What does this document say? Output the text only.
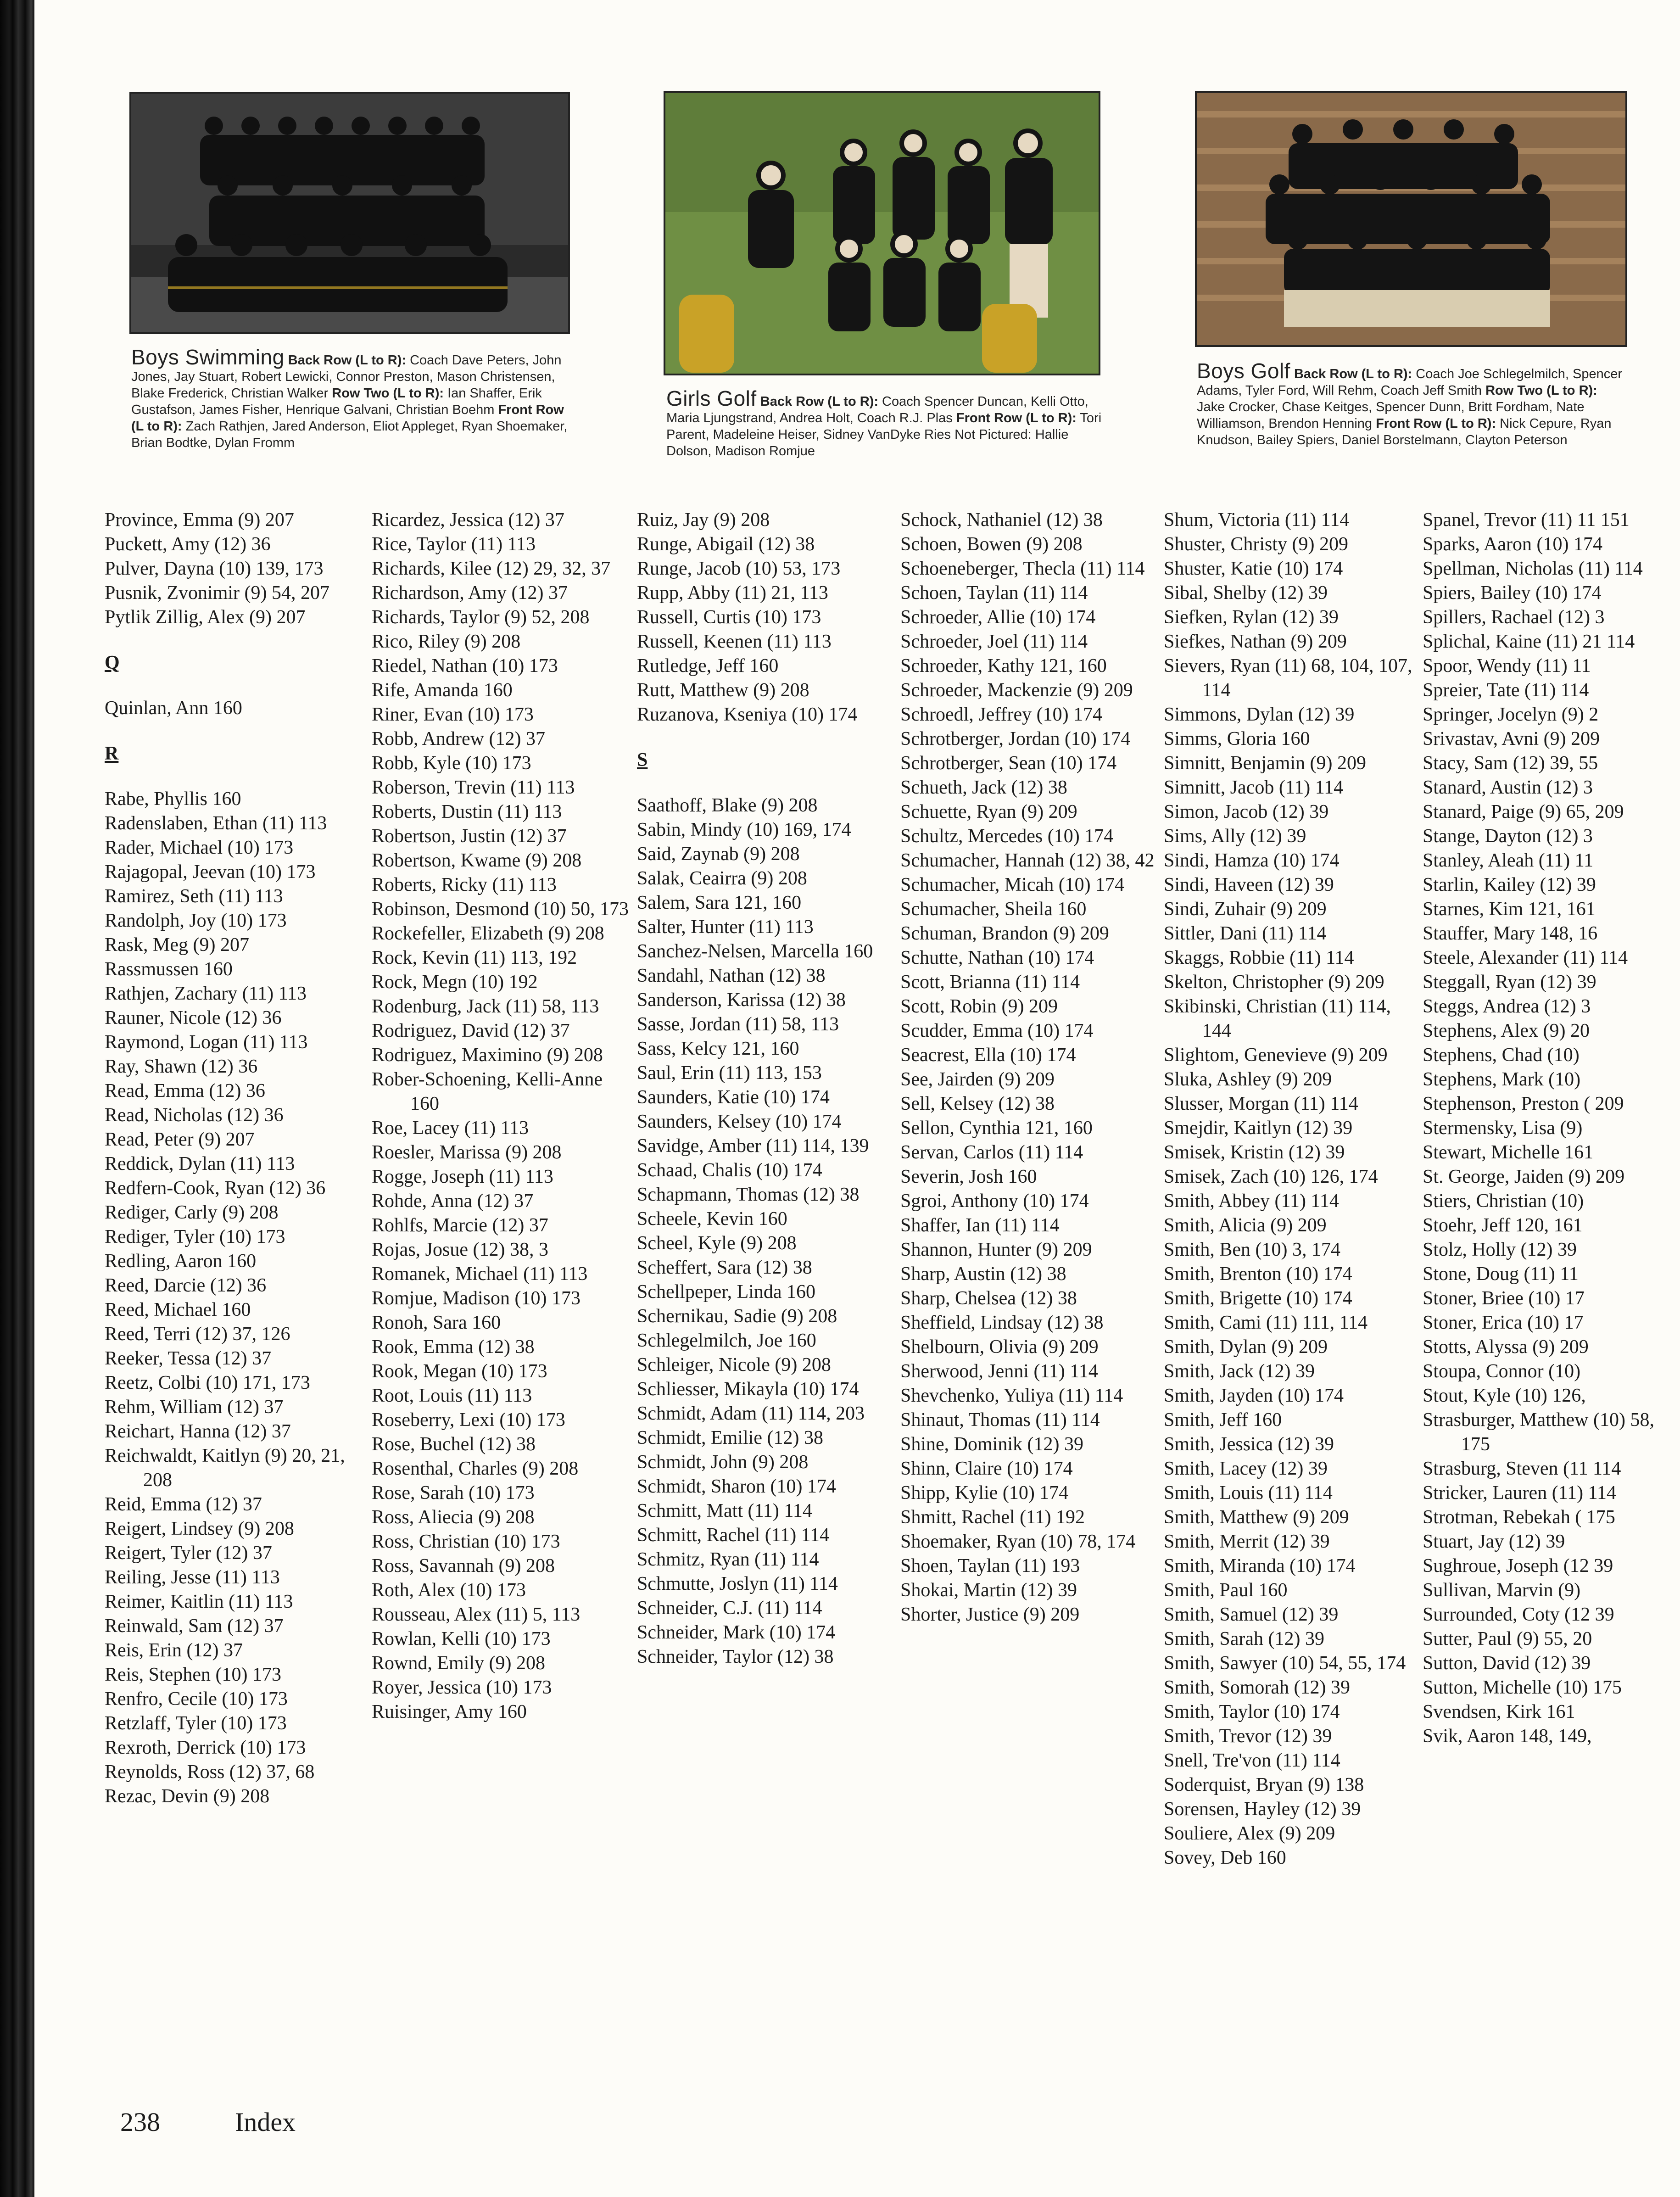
Boys Swimming Back Row (L to R): Coach Dave Peters, John Jones, Jay Stuart, Robert Lewicki, Connor Preston, Mason Christensen, Blake Frederick, Christian Walker Row Two (L to R): Ian Shaffer, Erik Gustafson, James Fisher, Henrique Galvani, Christian Boehm Front Row (L to R): Zach Rathjen, Jared Anderson, Eliot Appleget, Ryan Shoemaker, Brian Bodtke, Dylan Fromm
Girls Golf Back Row (L to R): Coach Spencer Duncan, Kelli Otto, Maria Ljungstrand, Andrea Holt, Coach R.J. Plas Front Row (L to R): Tori Parent, Madeleine Heiser, Sidney VanDyke Ries Not Pictured: Hallie Dolson, Madison Romjue
Boys Golf Back Row (L to R): Coach Joe Schlegelmilch, Spencer Adams, Tyler Ford, Will Rehm, Coach Jeff Smith Row Two (L to R): Jake Crocker, Chase Keitges, Spencer Dunn, Britt Fordham, Nate Williamson, Brendon Henning Front Row (L to R): Nick Cepure, Ryan Knudson, Bailey Spiers, Daniel Borstelmann, Clayton Peterson
Province, Emma (9) 207
Puckett, Amy (12) 36
Pulver, Dayna (10) 139, 173
Pusnik, Zvonimir (9) 54, 207
Pytlik Zillig, Alex (9) 207
Q
Quinlan, Ann 160
R
Rabe, Phyllis 160
Radenslaben, Ethan (11) 113
Rader, Michael (10) 173
Rajagopal, Jeevan (10) 173
Ramirez, Seth (11) 113
Randolph, Joy (10) 173
Rask, Meg (9) 207
Rassmussen 160
Rathjen, Zachary (11) 113
Rauner, Nicole (12) 36
Raymond, Logan (11) 113
Ray, Shawn (12) 36
Read, Emma (12) 36
Read, Nicholas (12) 36
Read, Peter (9) 207
Reddick, Dylan (11) 113
Redfern-Cook, Ryan (12) 36
Rediger, Carly (9) 208
Rediger, Tyler (10) 173
Redling, Aaron 160
Reed, Darcie (12) 36
Reed, Michael 160
Reed, Terri (12) 37, 126
Reeker, Tessa (12) 37
Reetz, Colbi (10) 171, 173
Rehm, William (12) 37
Reichart, Hanna (12) 37
Reichwaldt, Kaitlyn (9) 20, 21, 208
Reid, Emma (12) 37
Reigert, Lindsey (9) 208
Reigert, Tyler (12) 37
Reiling, Jesse (11) 113
Reimer, Kaitlin (11) 113
Reinwald, Sam (12) 37
Reis, Erin (12) 37
Reis, Stephen (10) 173
Renfro, Cecile (10) 173
Retzlaff, Tyler (10) 173
Rexroth, Derrick (10) 173
Reynolds, Ross (12) 37, 68
Rezac, Devin (9) 208
Ricardez, Jessica (12) 37
Rice, Taylor (11) 113
Richards, Kilee (12) 29, 32, 37
Richardson, Amy (12) 37
Richards, Taylor (9) 52, 208
Rico, Riley (9) 208
Riedel, Nathan (10) 173
Rife, Amanda 160
Riner, Evan (10) 173
Robb, Andrew (12) 37
Robb, Kyle (10) 173
Roberson, Trevin (11) 113
Roberts, Dustin (11) 113
Robertson, Justin (12) 37
Robertson, Kwame (9) 208
Roberts, Ricky (11) 113
Robinson, Desmond (10) 50, 173
Rockefeller, Elizabeth (9) 208
Rock, Kevin (11) 113, 192
Rock, Megn (10) 192
Rodenburg, Jack (11) 58, 113
Rodriguez, David (12) 37
Rodriguez, Maximino (9) 208
Rober-Schoening, Kelli-Anne 160
Roe, Lacey (11) 113
Roesler, Marissa (9) 208
Rogge, Joseph (11) 113
Rohde, Anna (12) 37
Rohlfs, Marcie (12) 37
Rojas, Josue (12) 38, 3
Romanek, Michael (11) 113
Romjue, Madison (10) 173
Ronoh, Sara 160
Rook, Emma (12) 38
Rook, Megan (10) 173
Root, Louis (11) 113
Roseberry, Lexi (10) 173
Rose, Buchel (12) 38
Rosenthal, Charles (9) 208
Rose, Sarah (10) 173
Ross, Aliecia (9) 208
Ross, Christian (10) 173
Ross, Savannah (9) 208
Roth, Alex (10) 173
Rousseau, Alex (11) 5, 113
Rowlan, Kelli (10) 173
Rownd, Emily (9) 208
Royer, Jessica (10) 173
Ruisinger, Amy 160
Ruiz, Jay (9) 208
Runge, Abigail (12) 38
Runge, Jacob (10) 53, 173
Rupp, Abby (11) 21, 113
Russell, Curtis (10) 173
Russell, Keenen (11) 113
Rutledge, Jeff 160
Rutt, Matthew (9) 208
Ruzanova, Kseniya (10) 174
S
Saathoff, Blake (9) 208
Sabin, Mindy (10) 169, 174
Said, Zaynab (9) 208
Salak, Ceairra (9) 208
Salem, Sara 121, 160
Salter, Hunter (11) 113
Sanchez-Nelsen, Marcella 160
Sandahl, Nathan (12) 38
Sanderson, Karissa (12) 38
Sasse, Jordan (11) 58, 113
Sass, Kelcy 121, 160
Saul, Erin (11) 113, 153
Saunders, Katie (10) 174
Saunders, Kelsey (10) 174
Savidge, Amber (11) 114, 139
Schaad, Chalis (10) 174
Schapmann, Thomas (12) 38
Scheele, Kevin 160
Scheel, Kyle (9) 208
Scheffert, Sara (12) 38
Schellpeper, Linda 160
Schernikau, Sadie (9) 208
Schlegelmilch, Joe 160
Schleiger, Nicole (9) 208
Schliesser, Mikayla (10) 174
Schmidt, Adam (11) 114, 203
Schmidt, Emilie (12) 38
Schmidt, John (9) 208
Schmidt, Sharon (10) 174
Schmitt, Matt (11) 114
Schmitt, Rachel (11) 114
Schmitz, Ryan (11) 114
Schmutte, Joslyn (11) 114
Schneider, C.J. (11) 114
Schneider, Mark (10) 174
Schneider, Taylor (12) 38
Schock, Nathaniel (12) 38
Schoen, Bowen (9) 208
Schoeneberger, Thecla (11) 114
Schoen, Taylan (11) 114
Schroeder, Allie (10) 174
Schroeder, Joel (11) 114
Schroeder, Kathy 121, 160
Schroeder, Mackenzie (9) 209
Schroedl, Jeffrey (10) 174
Schrotberger, Jordan (10) 174
Schrotberger, Sean (10) 174
Schueth, Jack (12) 38
Schuette, Ryan (9) 209
Schultz, Mercedes (10) 174
Schumacher, Hannah (12) 38, 42
Schumacher, Micah (10) 174
Schumacher, Sheila 160
Schuman, Brandon (9) 209
Schutte, Nathan (10) 174
Scott, Brianna (11) 114
Scott, Robin (9) 209
Scudder, Emma (10) 174
Seacrest, Ella (10) 174
See, Jairden (9) 209
Sell, Kelsey (12) 38
Sellon, Cynthia 121, 160
Servan, Carlos (11) 114
Severin, Josh 160
Sgroi, Anthony (10) 174
Shaffer, Ian (11) 114
Shannon, Hunter (9) 209
Sharp, Austin (12) 38
Sharp, Chelsea (12) 38
Sheffield, Lindsay (12) 38
Shelbourn, Olivia (9) 209
Sherwood, Jenni (11) 114
Shevchenko, Yuliya (11) 114
Shinaut, Thomas (11) 114
Shine, Dominik (12) 39
Shinn, Claire (10) 174
Shipp, Kylie (10) 174
Shmitt, Rachel (11) 192
Shoemaker, Ryan (10) 78, 174
Shoen, Taylan (11) 193
Shokai, Martin (12) 39
Shorter, Justice (9) 209
Shum, Victoria (11) 114
Shuster, Christy (9) 209
Shuster, Katie (10) 174
Sibal, Shelby (12) 39
Siefken, Rylan (12) 39
Siefkes, Nathan (9) 209
Sievers, Ryan (11) 68, 104, 107, 114
Simmons, Dylan (12) 39
Simms, Gloria 160
Simnitt, Benjamin (9) 209
Simnitt, Jacob (11) 114
Simon, Jacob (12) 39
Sims, Ally (12) 39
Sindi, Hamza (10) 174
Sindi, Haveen (12) 39
Sindi, Zuhair (9) 209
Sittler, Dani (11) 114
Skaggs, Robbie (11) 114
Skelton, Christopher (9) 209
Skibinski, Christian (11) 114, 144
Slightom, Genevieve (9) 209
Sluka, Ashley (9) 209
Slusser, Morgan (11) 114
Smejdir, Kaitlyn (12) 39
Smisek, Kristin (12) 39
Smisek, Zach (10) 126, 174
Smith, Abbey (11) 114
Smith, Alicia (9) 209
Smith, Ben (10) 3, 174
Smith, Brenton (10) 174
Smith, Brigette (10) 174
Smith, Cami (11) 111, 114
Smith, Dylan (9) 209
Smith, Jack (12) 39
Smith, Jayden (10) 174
Smith, Jeff 160
Smith, Jessica (12) 39
Smith, Lacey (12) 39
Smith, Louis (11) 114
Smith, Matthew (9) 209
Smith, Merrit (12) 39
Smith, Miranda (10) 174
Smith, Paul 160
Smith, Samuel (12) 39
Smith, Sarah (12) 39
Smith, Sawyer (10) 54, 55, 174
Smith, Somorah (12) 39
Smith, Taylor (10) 174
Smith, Trevor (12) 39
Snell, Tre'von (11) 114
Soderquist, Bryan (9) 138
Sorensen, Hayley (12) 39
Souliere, Alex (9) 209
Sovey, Deb 160
Spanel, Trevor (11) 11 151
Sparks, Aaron (10) 174
Spellman, Nicholas (11) 114
Spiers, Bailey (10) 174
Spillers, Rachael (12) 3
Splichal, Kaine (11) 21 114
Spoor, Wendy (11) 11
Spreier, Tate (11) 114
Springer, Jocelyn (9) 2
Srivastav, Avni (9) 209
Stacy, Sam (12) 39, 55
Stanard, Austin (12) 3
Stanard, Paige (9) 65, 209
Stange, Dayton (12) 3
Stanley, Aleah (11) 11
Starlin, Kailey (12) 39
Starnes, Kim 121, 161
Stauffer, Mary 148, 16
Steele, Alexander (11) 114
Steggall, Ryan (12) 39
Steggs, Andrea (12) 3
Stephens, Alex (9) 20
Stephens, Chad (10)
Stephens, Mark (10)
Stephenson, Preston ( 209
Stermensky, Lisa (9)
Stewart, Michelle 161
St. George, Jaiden (9) 209
Stiers, Christian (10)
Stoehr, Jeff 120, 161
Stolz, Holly (12) 39
Stone, Doug (11) 11
Stoner, Briee (10) 17
Stoner, Erica (10) 17
Stotts, Alyssa (9) 209
Stoupa, Connor (10)
Stout, Kyle (10) 126,
Strasburger, Matthew (10) 58, 175
Strasburg, Steven (11 114
Stricker, Lauren (11) 114
Strotman, Rebekah ( 175
Stuart, Jay (12) 39
Sughroue, Joseph (12 39
Sullivan, Marvin (9)
Surrounded, Coty (12 39
Sutter, Paul (9) 55, 20
Sutton, David (12) 39
Sutton, Michelle (10) 175
Svendsen, Kirk 161
Svik, Aaron 148, 149,
238	Index
